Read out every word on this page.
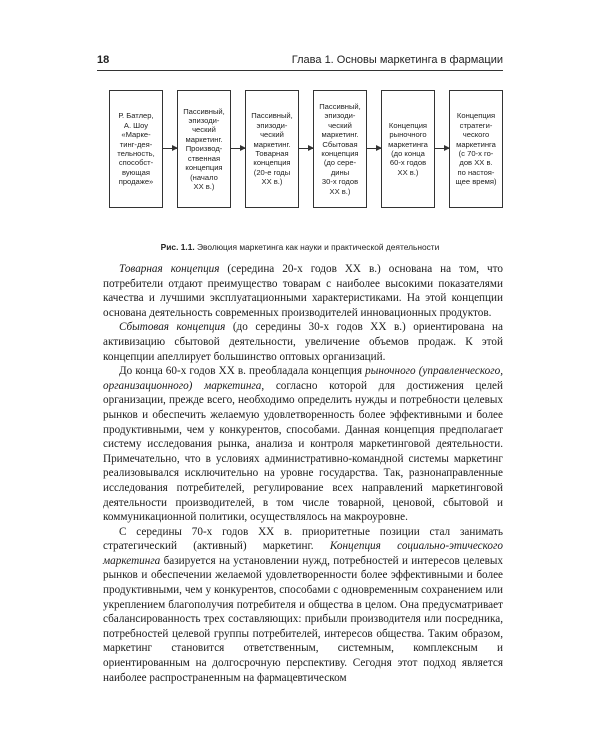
18	Глава 1. Основы маркетинга в фармации
Р. Батлер,
А. Шоу
«Марке-
тинг-дея-
тельность,
способст-
вующая
продаже»
Пассивный,
эпизоди-
ческий
маркетинг.
Производ-
ственная
концепция
(начало
XX в.)
Пассивный,
эпизоди-
ческий
маркетинг.
Товарная
концепция
(20-е годы
XX в.)
Пассивный,
эпизоди-
ческий
маркетинг.
Сбытовая
концепция
(до сере-
дины
30-х годов
XX в.)
Концепция
рыночного
маркетинга
(до конца
60-х годов
XX в.)
Концепция
стратеги-
ческого
маркетинга
(с 70-х го-
дов XX в.
по настоя-
щее время)
Рис. 1.1. Эволюция маркетинга как науки и практической деятельности

Товарная концепция (середина 20-х годов XX в.) основана на том, что потребители отдают преимущество товарам с наиболее высокими показателями качества и лучшими эксплуатационными характеристиками. На этой концепции основана деятельность современных производителей инновационных продуктов.

Сбытовая концепция (до середины 30-х годов XX в.) ориентирована на активизацию сбытовой деятельности, увеличение объемов продаж. К этой концепции апеллирует большинство оптовых организаций.

До конца 60-х годов XX в. преобладала концепция рыночного (управленческого, организационного) маркетинга, согласно которой для достижения целей организации, прежде всего, необходимо определить нужды и потребности целевых рынков и обеспечить желаемую удовлетворенность более эффективными и более продуктивными, чем у конкурентов, способами. Данная концепция предполагает систему исследования рынка, анализа и контроля маркетинговой деятельности. Примечательно, что в условиях административно-командной системы маркетинг реализовывался исключительно на уровне государства. Так, разнонаправленные исследования потребителей, регулирование всех направлений маркетинговой деятельности производителей, в том числе товарной, ценовой, сбытовой и коммуникационной политики, осуществлялось на макроуровне.

С середины 70-х годов XX в. приоритетные позиции стал занимать стратегический (активный) маркетинг. Концепция социально-этического маркетинга базируется на установлении нужд, потребностей и интересов целевых рынков и обеспечении желаемой удовлетворенности более эффективными и более продуктивными, чем у конкурентов, способами с одновременным сохранением или укреплением благополучия потребителя и общества в целом. Она предусматривает сбалансированность трех составляющих: прибыли производителя или посредника, потребностей целевой группы потребителей, интересов общества. Таким образом, маркетинг становится ответственным, системным, комплексным и ориентированным на долгосрочную перспективу. Сегодня этот подход является наиболее распространенным на фармацевтическом
